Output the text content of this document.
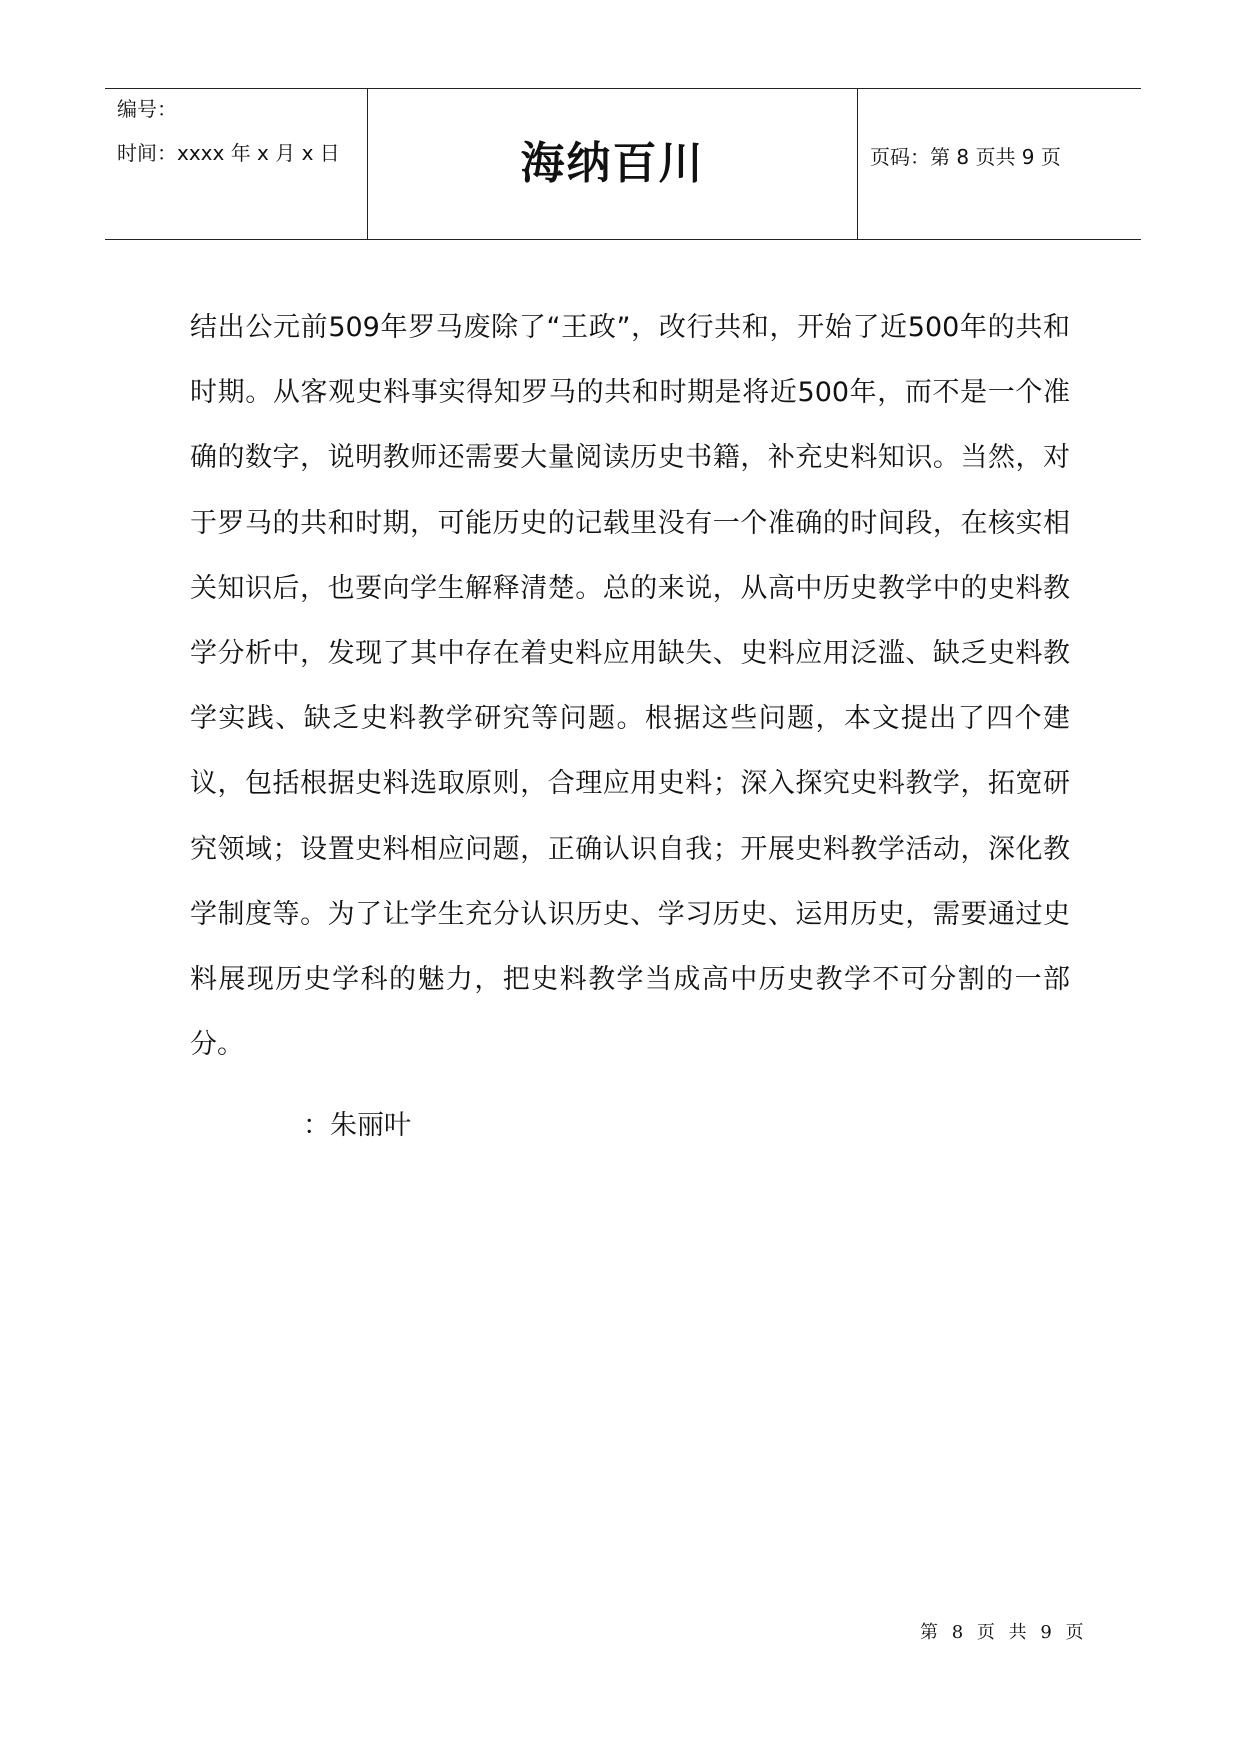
编号：
时间：xxxx 年 x 月 x 日	海纳百川	页码：第 8 页共 9 页

结出公元前509年罗马废除了“王政”，改行共和，开始了近500年的共和时期。从客观史料事实得知罗马的共和时期是将近500年，而不是一个准确的数字，说明教师还需要大量阅读历史书籍，补充史料知识。当然，对于罗马的共和时期，可能历史的记载里没有一个准确的时间段，在核实相关知识后，也要向学生解释清楚。总的来说，从高中历史教学中的史料教学分析中，发现了其中存在着史料应用缺失、史料应用泛滥、缺乏史料教学实践、缺乏史料教学研究等问题。根据这些问题，本文提出了四个建议，包括根据史料选取原则，合理应用史料；深入探究史料教学，拓宽研究领域；设置史料相应问题，正确认识自我；开展史料教学活动，深化教学制度等。为了让学生充分认识历史、学习历史、运用历史，需要通过史料展现历史学科的魅力，把史料教学当成高中历史教学不可分割的一部分。

：朱丽叶
第 8 页 共 9 页
